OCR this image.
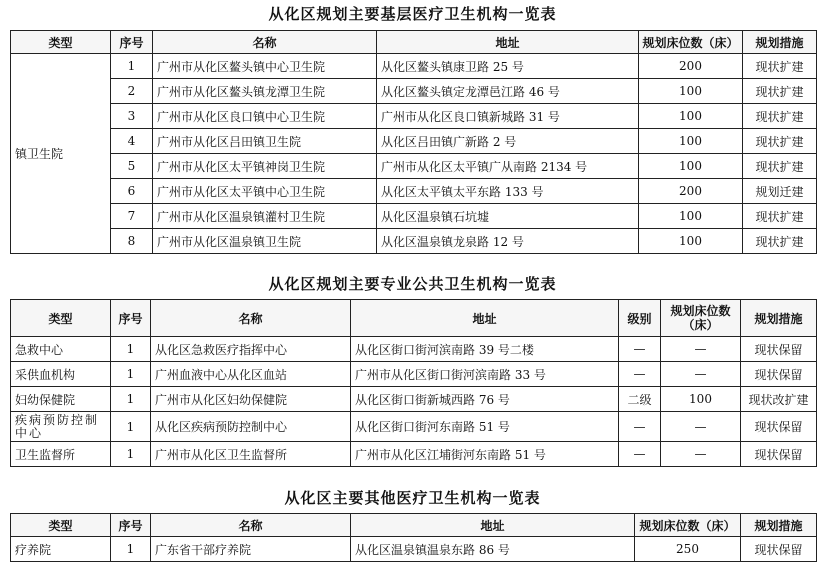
从化区规划主要基层医疗卫生机构一览表
类型	序号	名称	地址	规划床位数（床）	规划措施
镇卫生院	1	广州市从化区鳌头镇中心卫生院	从化区鳌头镇康卫路 25 号	200	现状扩建
	2	广州市从化区鳌头镇龙潭卫生院	从化区鳌头镇定龙潭邑江路 46 号	100	现状扩建
	3	广州市从化区良口镇中心卫生院	广州市从化区良口镇新城路 31 号	100	现状扩建
	4	广州市从化区吕田镇卫生院	从化区吕田镇广新路 2 号	100	现状扩建
	5	广州市从化区太平镇神岗卫生院	广州市从化区太平镇广从南路 2134 号	100	现状扩建
	6	广州市从化区太平镇中心卫生院	从化区太平镇太平东路 133 号	200	规划迁建
	7	广州市从化区温泉镇灌村卫生院	从化区温泉镇石坑墟	100	现状扩建
	8	广州市从化区温泉镇卫生院	从化区温泉镇龙泉路 12 号	100	现状扩建
从化区规划主要专业公共卫生机构一览表
类型	序号	名称	地址	级别	规划床位数（床）	规划措施
急救中心	1	从化区急救医疗指挥中心	从化区街口街河滨南路 39 号二楼	—	—	现状保留
采供血机构	1	广州血液中心从化区血站	广州市从化区街口街河滨南路 33 号	—	—	现状保留
妇幼保健院	1	广州市从化区妇幼保健院	从化区街口街新城西路 76 号	二级	100	现状改扩建
疾病预防控制中心	1	从化区疾病预防控制中心	从化区街口街河东南路 51 号	—	—	现状保留
卫生监督所	1	广州市从化区卫生监督所	广州市从化区江埔街河东南路 51 号	—	—	现状保留
从化区主要其他医疗卫生机构一览表
类型	序号	名称	地址	规划床位数（床）	规划措施
疗养院	1	广东省干部疗养院	从化区温泉镇温泉东路 86 号	250	现状保留
